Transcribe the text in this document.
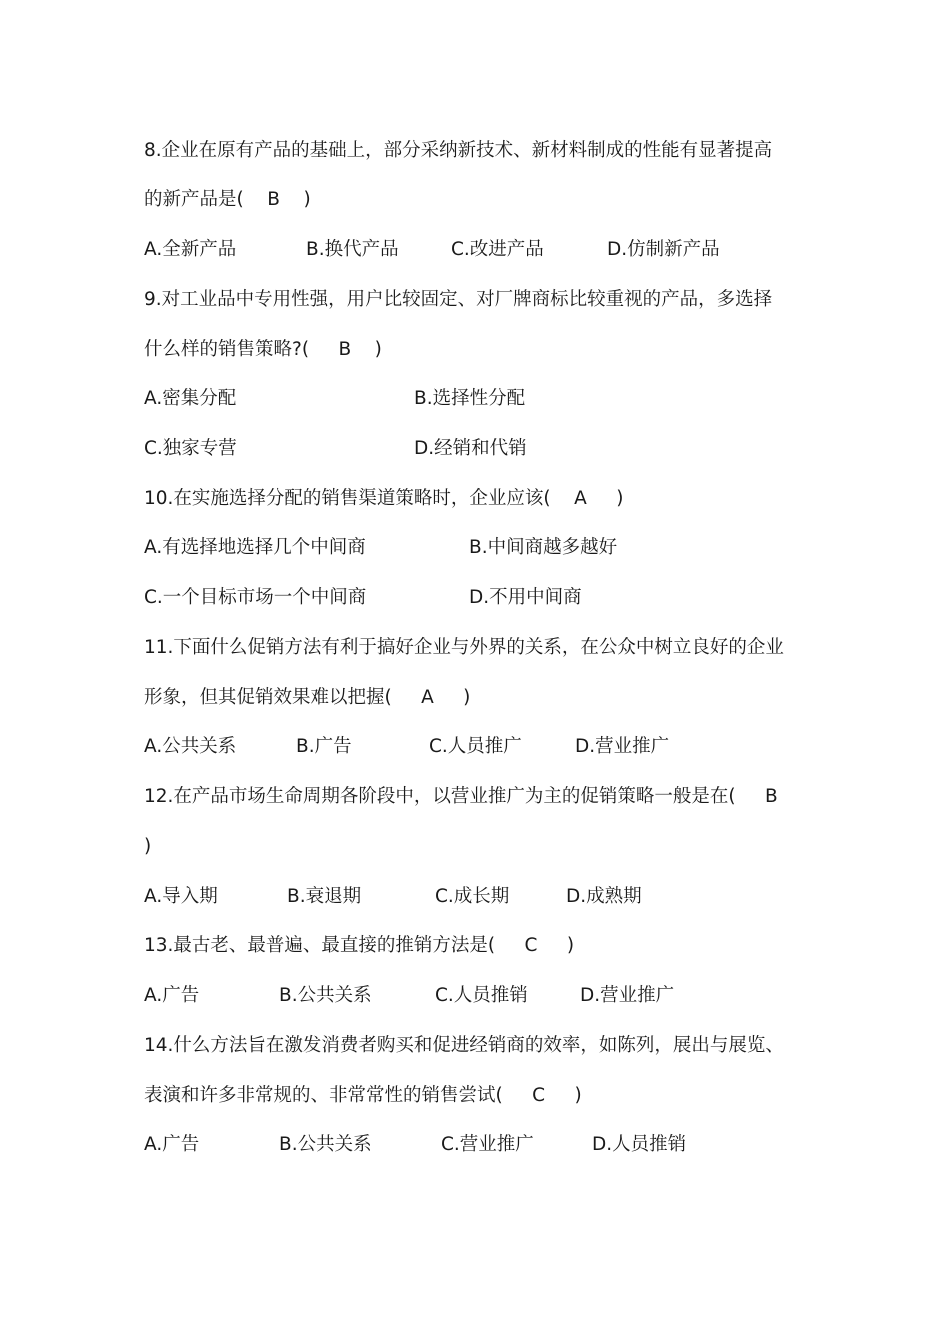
8.企业在原有产品的基础上，部分采纳新技术、新材料制成的性能有显著提高
的新产品是(    B    )

A.全新产品

	B.换代产品

	C.改进产品

	D.仿制新产品

9.对工业品中专用性强，用户比较固定、对厂牌商标比较重视的产品，多选择
什么样的销售策略?(     B    )

A.密集分配

	B.选择性分配

C.独家专营

	D.经销和代销

10.在实施选择分配的销售渠道策略时，企业应该(    A     )

A.有选择地选择几个中间商

	B.中间商越多越好

C.一个目标市场一个中间商

	D.不用中间商

11.下面什么促销方法有利于搞好企业与外界的关系，在公众中树立良好的企业
形象，但其促销效果难以把握(     A     )

A.公共关系

	B.广告

	C.人员推广

	D.营业推广

12.在产品市场生命周期各阶段中，以营业推广为主的促销策略一般是在(     B
)

A.导入期

	B.衰退期

	C.成长期

	D.成熟期

13.最古老、最普遍、最直接的推销方法是(     C     )

A.广告

	B.公共关系

	C.人员推销

	D.营业推广

14.什么方法旨在激发消费者购买和促进经销商的效率，如陈列，展出与展览、
表演和许多非常规的、非常常性的销售尝试(     C     )

A.广告

	B.公共关系

	C.营业推广

	D.人员推销
